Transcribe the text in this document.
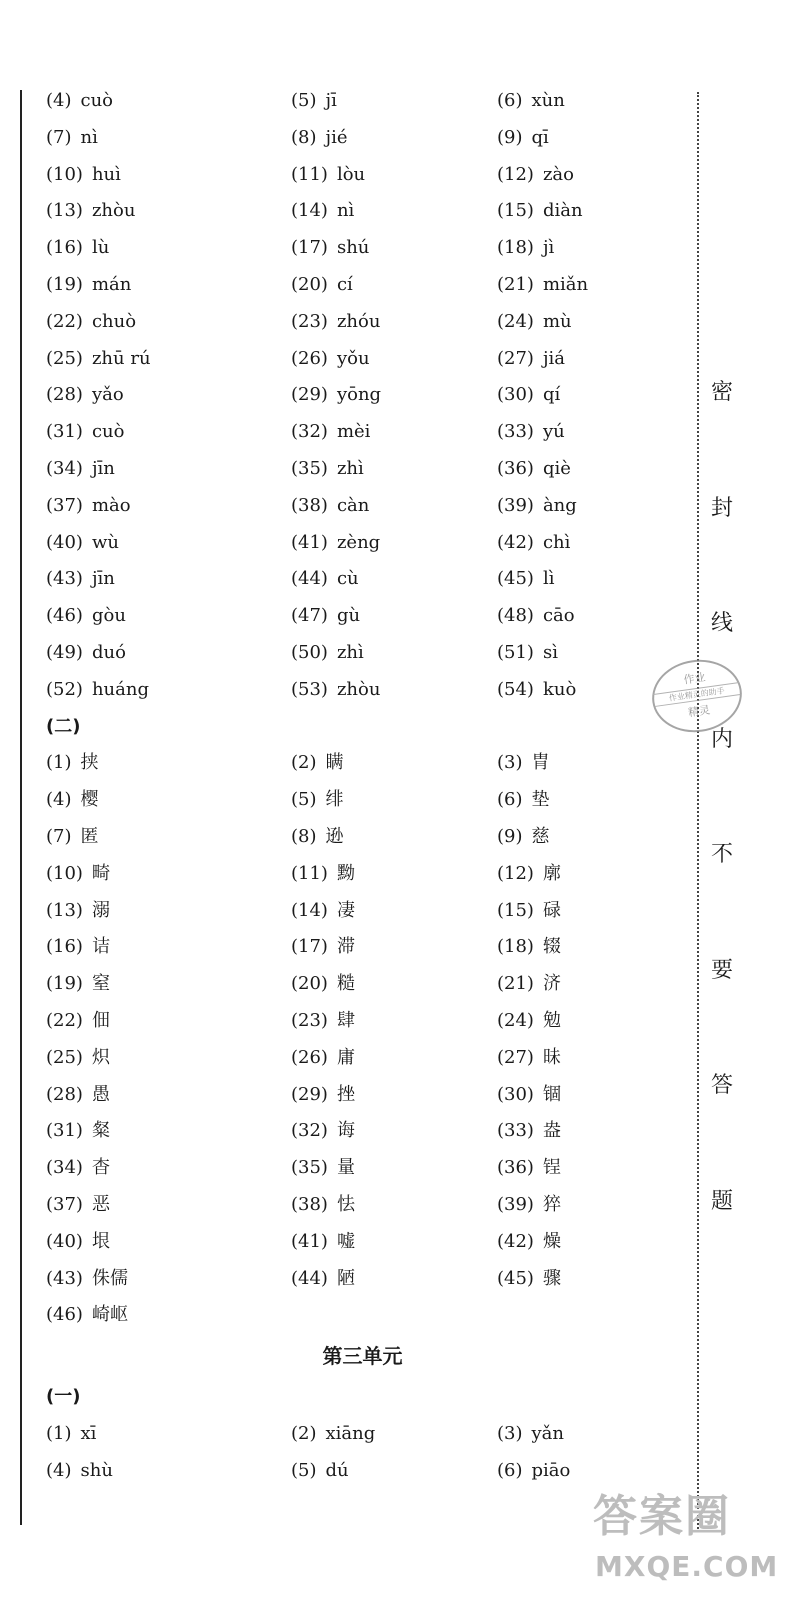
密
封
线
内
不
要
答
题
(4) cuò	(5) jī	(6) xùn
(7) nì	(8) jié	(9) qī
(10) huì	(11) lòu	(12) zào
(13) zhòu	(14) nì	(15) diàn
(16) lù	(17) shú	(18) jì
(19) mán	(20) cí	(21) miǎn
(22) chuò	(23) zhóu	(24) mù
(25) zhū rú	(26) yǒu	(27) jiá
(28) yǎo	(29) yōng	(30) qí
(31) cuò	(32) mèi	(33) yú
(34) jīn	(35) zhì	(36) qiè
(37) mào	(38) càn	(39) àng
(40) wù	(41) zèng	(42) chì
(43) jīn	(44) cù	(45) lì
(46) gòu	(47) gù	(48) cāo
(49) duó	(50) zhì	(51) sì
(52) huáng	(53) zhòu	(54) kuò
(二)
(1) 挟	(2) 瞒	(3) 胄
(4) 樱	(5) 绯	(6) 垫
(7) 匿	(8) 逊	(9) 慈
(10) 畸	(11) 黝	(12) 廓
(13) 溺	(14) 凄	(15) 碌
(16) 诘	(17) 滞	(18) 辍
(19) 窒	(20) 糙	(21) 济
(22) 佃	(23) 肆	(24) 勉
(25) 炽	(26) 庸	(27) 昧
(28) 愚	(29) 挫	(30) 锢
(31) 粲	(32) 诲	(33) 盎
(34) 杳	(35) 量	(36) 锃
(37) 恶	(38) 怯	(39) 猝
(40) 垠	(41) 嘘	(42) 燥
(43) 侏儒	(44) 陋	(45) 骤
(46) 崎岖
第三单元
(一)
(1) xī	(2) xiāng	(3) yǎn
(4) shù	(5) dú	(6) piāo
作业
作业精灵的助手
精灵
答案圈
MXQE.COM
